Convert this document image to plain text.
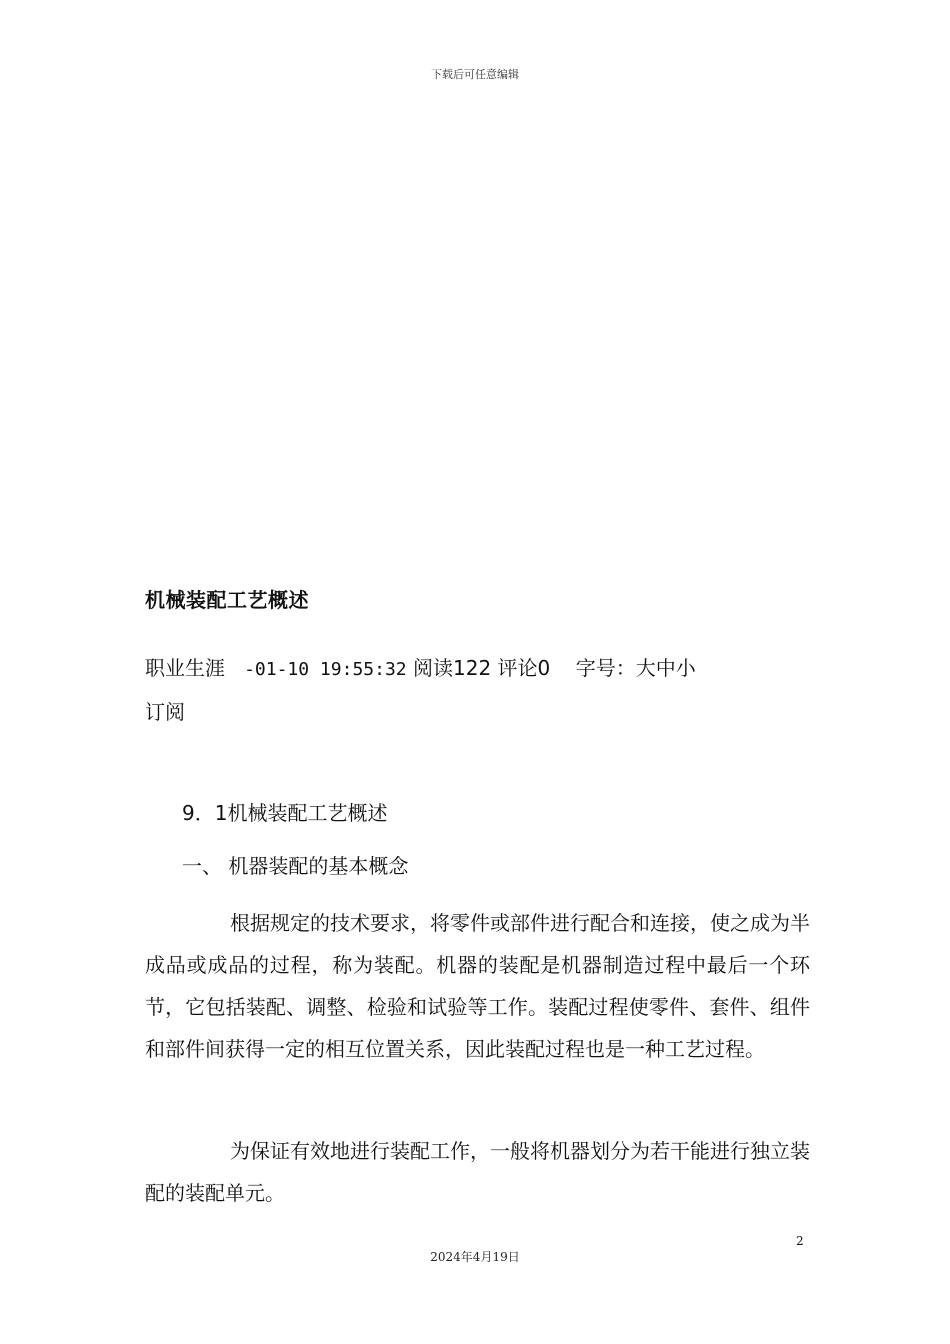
下载后可任意编辑
机械装配工艺概述
职业生涯 -01-10 19:55:32 阅读122 评论0 字号：大中小
订阅

9．1机械装配工艺概述

一、 机器装配的基本概念

根据规定的技术要求，将零件或部件进行配合和连接，使之成为半成品或成品的过程，称为装配。机器的装配是机器制造过程中最后一个环节，它包括装配、调整、检验和试验等工作。装配过程使零件、套件、组件和部件间获得一定的相互位置关系，因此装配过程也是一种工艺过程。

为保证有效地进行装配工作，一般将机器划分为若干能进行独立装配的装配单元。

2
2024年4月19日
